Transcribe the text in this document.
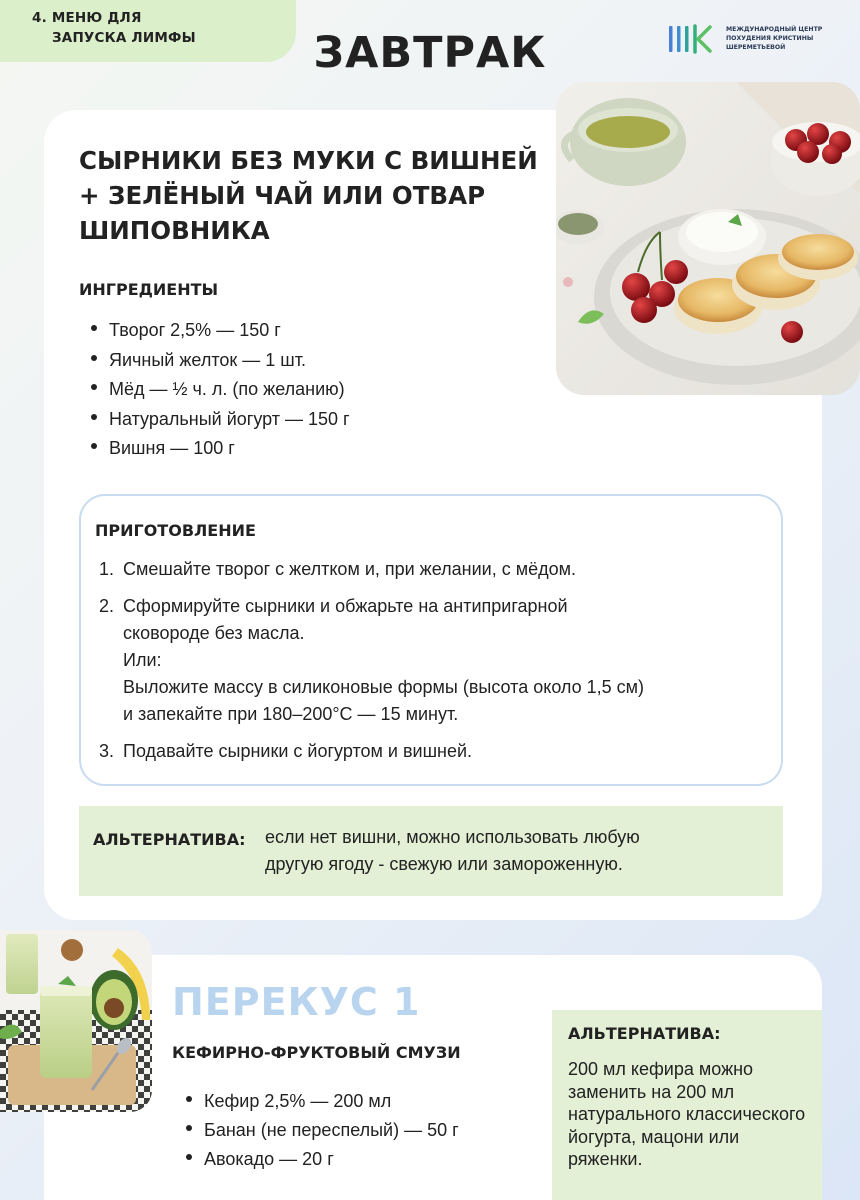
4. МЕНЮ ДЛЯ
ЗАПУСКА ЛИМФЫ	ЗАВТРАК	МЕЖДУНАРОДНЫЙ ЦЕНТР
ПОХУДЕНИЯ КРИСТИНЫ
ШЕРЕМЕТЬЕВОЙ
СЫРНИКИ БЕЗ МУКИ С ВИШНЕЙ + ЗЕЛЁНЫЙ ЧАЙ ИЛИ ОТВАР ШИПОВНИКА
ИНГРЕДИЕНТЫ
Творог 2,5% — 150 г
Яичный желток — 1 шт.
Мёд — ½ ч. л. (по желанию)
Натуральный йогурт — 150 г
Вишня — 100 г
ПРИГОТОВЛЕНИЕ
1. Смешайте творог с желтком и, при желании, с мёдом.
2. Сформируйте сырники и обжарьте на антипригарной
сковороде без масла.
Или:
Выложите массу в силиконовые формы (высота около 1,5 см)
и запекайте при 180–200°С — 15 минут.
3. Подавайте сырники с йогуртом и вишней.
АЛЬТЕРНАТИВА: если нет вишни, можно использовать любую
другую ягоду - свежую или замороженную.
ПЕРЕКУС 1
КЕФИРНО-ФРУКТОВЫЙ СМУЗИ
Кефир 2,5% — 200 мл
Банан (не переспелый) — 50 г
Авокадо — 20 г
АЛЬТЕРНАТИВА:
200 мл кефира можно заменить на 200 мл натурального классического йогурта, мацони или ряженки.
